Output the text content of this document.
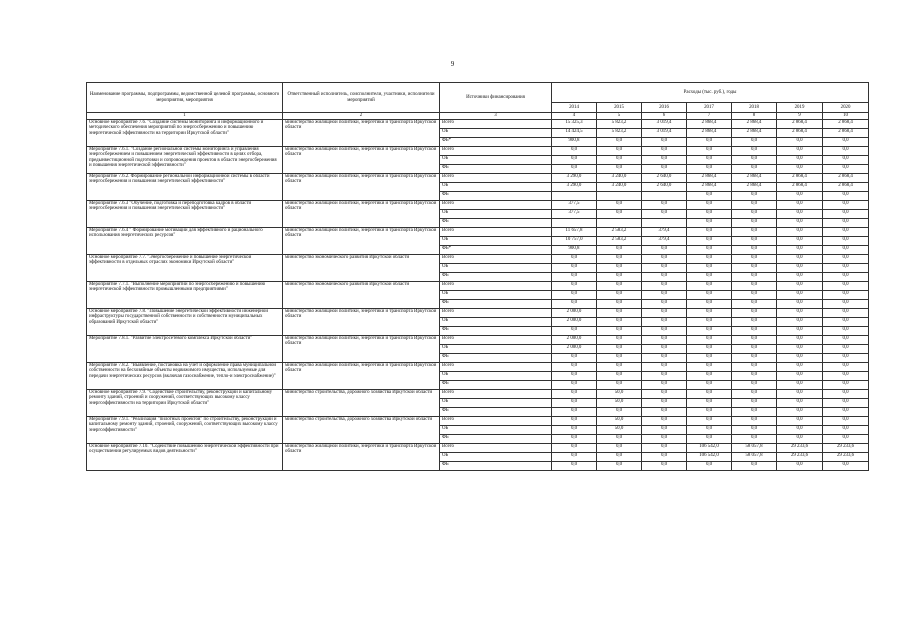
9
Наименование программы, подпрограммы, ведомственной целевой программы, основного мероприятия, мероприятия	Ответственный исполнитель, соисполнители, участники, исполнители мероприятий	Источники финансирования	Расходы (тыс. руб.), годы						
			2014	2015	2016	2017	2018	2019	2020
1	2	3	4	5	6	7	8	9	10
Основное мероприятие 7.6. "Создание системы мониторинга и информационного и методического обеспечения мероприятий по энергосбережению и повышению энергетической эффективности на территории Иркутской области"	министерство жилищной политики, энергетики и транспорта Иркутской области	Всего	15 325,3	5 823,2	3 019,4	2 868,4	2 868,4	2 868,4	2 868,4
		ОБ	14 424,5	5 823,2	3 019,4	2 868,4	2 868,4	2 868,4	2 868,4
		ФБ*	900,8	0,0	0,0	0,0	0,0	0,0	0,0
Мероприятие 7.6.1. "Создание региональной системы мониторинга и управления энергосбережением и повышением энергетической эффективности в целях отбора, предынвестиционной подготовки и сопровождения проектов в области энергосбережения и повышения энергетической эффективности"	министерство жилищной политики, энергетики и транспорта Иркутской области	Всего	0,0	0,0	0,0	0,0	0,0	0,0	0,0
		ОБ	0,0	0,0	0,0	0,0	0,0	0,0	0,0
		ФБ	0,0	0,0	0,0	0,0	0,0	0,0	0,0
Мероприятие 7.6.2. Формирование региональной информационной системы в области энергосбережения и повышения энергетической эффективности"	министерство жилищной политики, энергетики и транспорта Иркутской области	Всего	3 290,0	3 240,0	2 640,0	2 868,4	2 868,4	2 868,4	2 868,4
		ОБ	3 290,0	3 240,0	2 640,0	2 868,4	2 868,4	2 868,4	2 868,4
		ФБ				0,0	0,0	0,0	0,0
Мероприятие 7.6.3 "Обучение, подготовка и переподготовка кадров в области энергосбережения и повышения энергетической эффективности"	министерство жилищной политики, энергетики и транспорта Иркутской области	Всего	377,5	0,0	0,0	0,0	0,0	0,0	0,0
		ОБ	377,5	0,0	0,0	0,0	0,0	0,0	0,0
		ФБ				0,0	0,0	0,0	0,0
Мероприятие 7.6.4 " Формирование мотивации для эффективного и рационального использования энергетических ресурсов"	министерство жилищной политики, энергетики и транспорта Иркутской области	Всего	11 657,8	2 583,2	379,4	0,0	0,0	0,0	0,0
		ОБ	10 757,0	2 583,2	379,4	0,0	0,0	0,0	0,0
		ФБ*	900,8	0,0	0,0	0,0	0,0	0,0	0,0
Основное мероприятие 7.7. "Энергосбережение и повышение энергетической эффективности в отдельных отраслях экономики Иркутской области"	министерство экономического развития Иркутской области	Всего	0,0	0,0	0,0	0,0	0,0	0,0	0,0
		ОБ	0,0	0,0	0,0	0,0	0,0	0,0	0,0
		ФБ	0,0	0,0	0,0	0,0	0,0	0,0	0,0
Мероприятие 7.7.1. "Выполнение мероприятий по энергосбережению и повышению энергетической эффективности промышленными предприятиями"	министерство экономического развития Иркутской области	Всего	0,0	0,0	0,0	0,0	0,0	0,0	0,0
		ОБ	0,0	0,0	0,0	0,0	0,0	0,0	0,0
		ФБ	0,0	0,0	0,0	0,0	0,0	0,0	0,0
Основное мероприятие 7.8. "Повышение энергетической эффективности инженерной инфраструктуры государственной собственности и собственности муниципальных образований Иркутской области"	министерство жилищной политики, энергетики и транспорта Иркутской области	Всего	2 000,0	0,0	0,0	0,0	0,0	0,0	0,0
		ОБ	2 000,0	0,0	0,0	0,0	0,0	0,0	0,0
		ФБ	0,0	0,0	0,0	0,0	0,0	0,0	0,0
Мероприятие 7.8.1. "Развитие электросетевого комплекса Иркутской области"	министерство жилищной политики, энергетики и транспорта Иркутской области	Всего	2 000,0	0,0	0,0	0,0	0,0	0,0	0,0
		ОБ	2 000,0	0,0	0,0	0,0	0,0	0,0	0,0
		ФБ	0,0	0,0	0,0	0,0	0,0	0,0	0,0
Мероприятие 7.8.2. "Выявление, постановка на учет и оформление права муниципальной собственности на бесхозяйные объекты недвижимого имущества, используемые для передачи энергетических ресурсов (включая газоснабжение, тепло-и электроснабжение)"	министерство жилищной политики, энергетики и транспорта Иркутской области	Всего	0,0	0,0	0,0	0,0	0,0	0,0	0,0
		ОБ	0,0	0,0	0,0	0,0	0,0	0,0	0,0
		ФБ	0,0	0,0	0,0	0,0	0,0	0,0	0,0
Основное мероприятие 7.9. "Содействие строительству, реконструкции и капитальному ремонту зданий, строений и сооружений, соответствующих высокому классу энергоэффективности на территории Иркутской области"	министерство строительства, дорожного хозяйства Иркутской области	Всего	0,0	50,0	0,0	0,0	0,0	0,0	0,0
		ОБ	0,0	50,0	0,0	0,0	0,0	0,0	0,0
		ФБ	0,0	0,0	0,0	0,0	0,0	0,0	0,0
Мероприятие 7.9.1. "Реализация "пилотных проектов" по строительству, реконструкции и капитальному ремонту зданий, строений, сооружений, соответствующих высокому классу энергоэффективности"	министерство строительства, дорожного хозяйства Иркутской области	Всего	0,0	50,0	0,0	0,0	0,0	0,0	0,0
		ОБ	0,0	50,0	0,0	0,0	0,0	0,0	0,0
		ФБ	0,0	0,0	0,0	0,0	0,0	0,0	0,0
Основное мероприятие 7.10. "Содействие повышению энергетической эффективности при осуществлении регулируемых видов деятельности"	министерство жилищной политики, энергетики и транспорта Иркутской области	Всего	0,0	0,0	0,0	106 542,0	58 057,8	29 233,6	29 233,6
		ОБ	0,0	0,0	0,0	106 542,0	58 057,8	29 233,6	29 233,6
		ФБ	0,0	0,0	0,0	0,0	0,0	0,0	0,0
